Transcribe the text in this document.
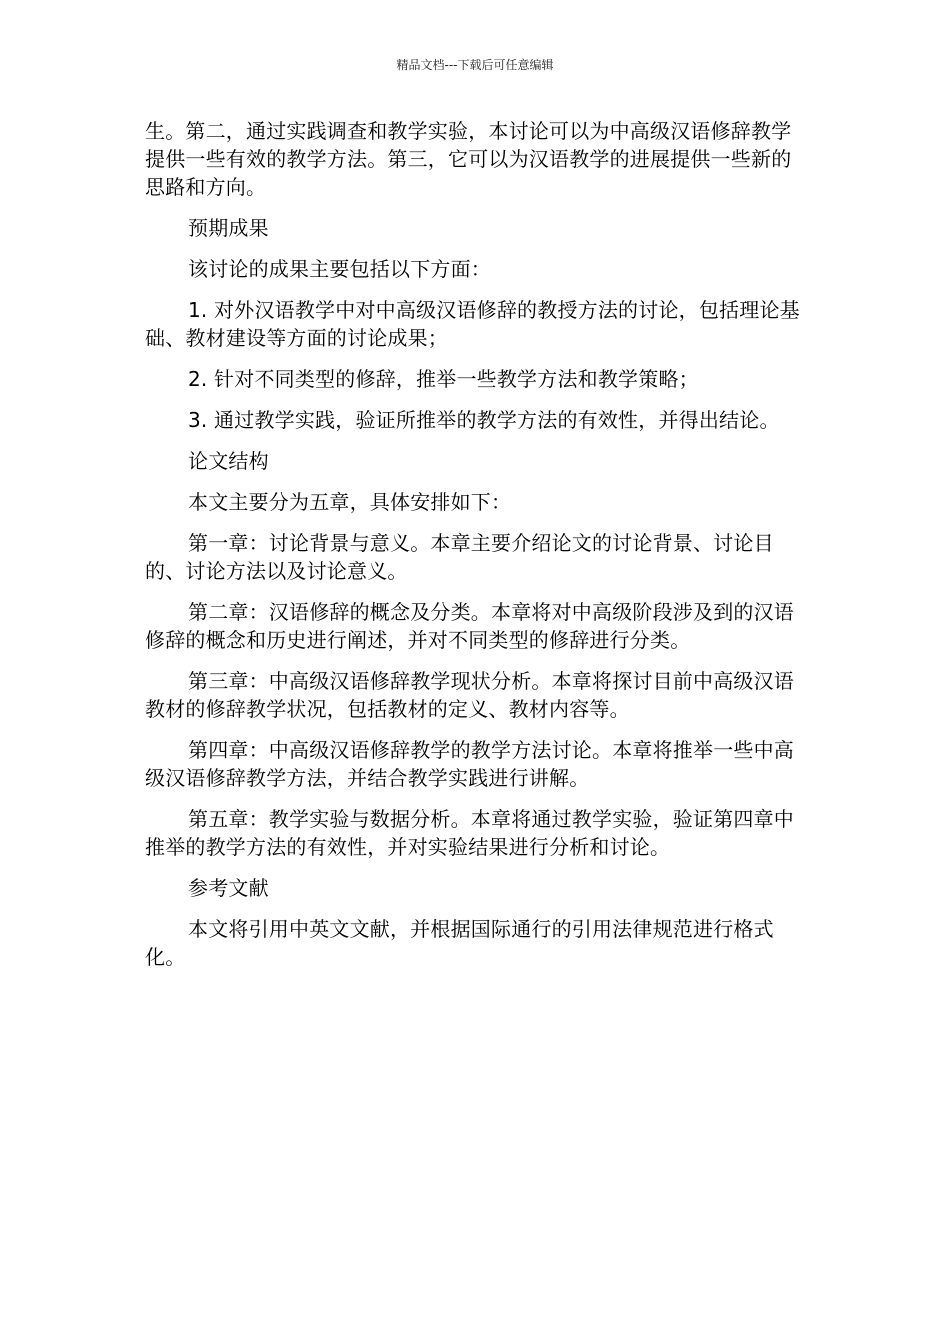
精品文档---下载后可任意编辑

生。第二，通过实践调查和教学实验，本讨论可以为中高级汉语修辞教学提供一些有效的教学方法。第三，它可以为汉语教学的进展提供一些新的思路和方向。

预期成果

该讨论的成果主要包括以下方面：

1. 对外汉语教学中对中高级汉语修辞的教授方法的讨论，包括理论基础、教材建设等方面的讨论成果；

2. 针对不同类型的修辞，推举一些教学方法和教学策略；

3. 通过教学实践，验证所推举的教学方法的有效性，并得出结论。

论文结构

本文主要分为五章，具体安排如下：

第一章：讨论背景与意义。本章主要介绍论文的讨论背景、讨论目的、讨论方法以及讨论意义。

第二章：汉语修辞的概念及分类。本章将对中高级阶段涉及到的汉语修辞的概念和历史进行阐述，并对不同类型的修辞进行分类。

第三章：中高级汉语修辞教学现状分析。本章将探讨目前中高级汉语教材的修辞教学状况，包括教材的定义、教材内容等。

第四章：中高级汉语修辞教学的教学方法讨论。本章将推举一些中高级汉语修辞教学方法，并结合教学实践进行讲解。

第五章：教学实验与数据分析。本章将通过教学实验，验证第四章中推举的教学方法的有效性，并对实验结果进行分析和讨论。

参考文献

本文将引用中英文文献，并根据国际通行的引用法律规范进行格式化。
